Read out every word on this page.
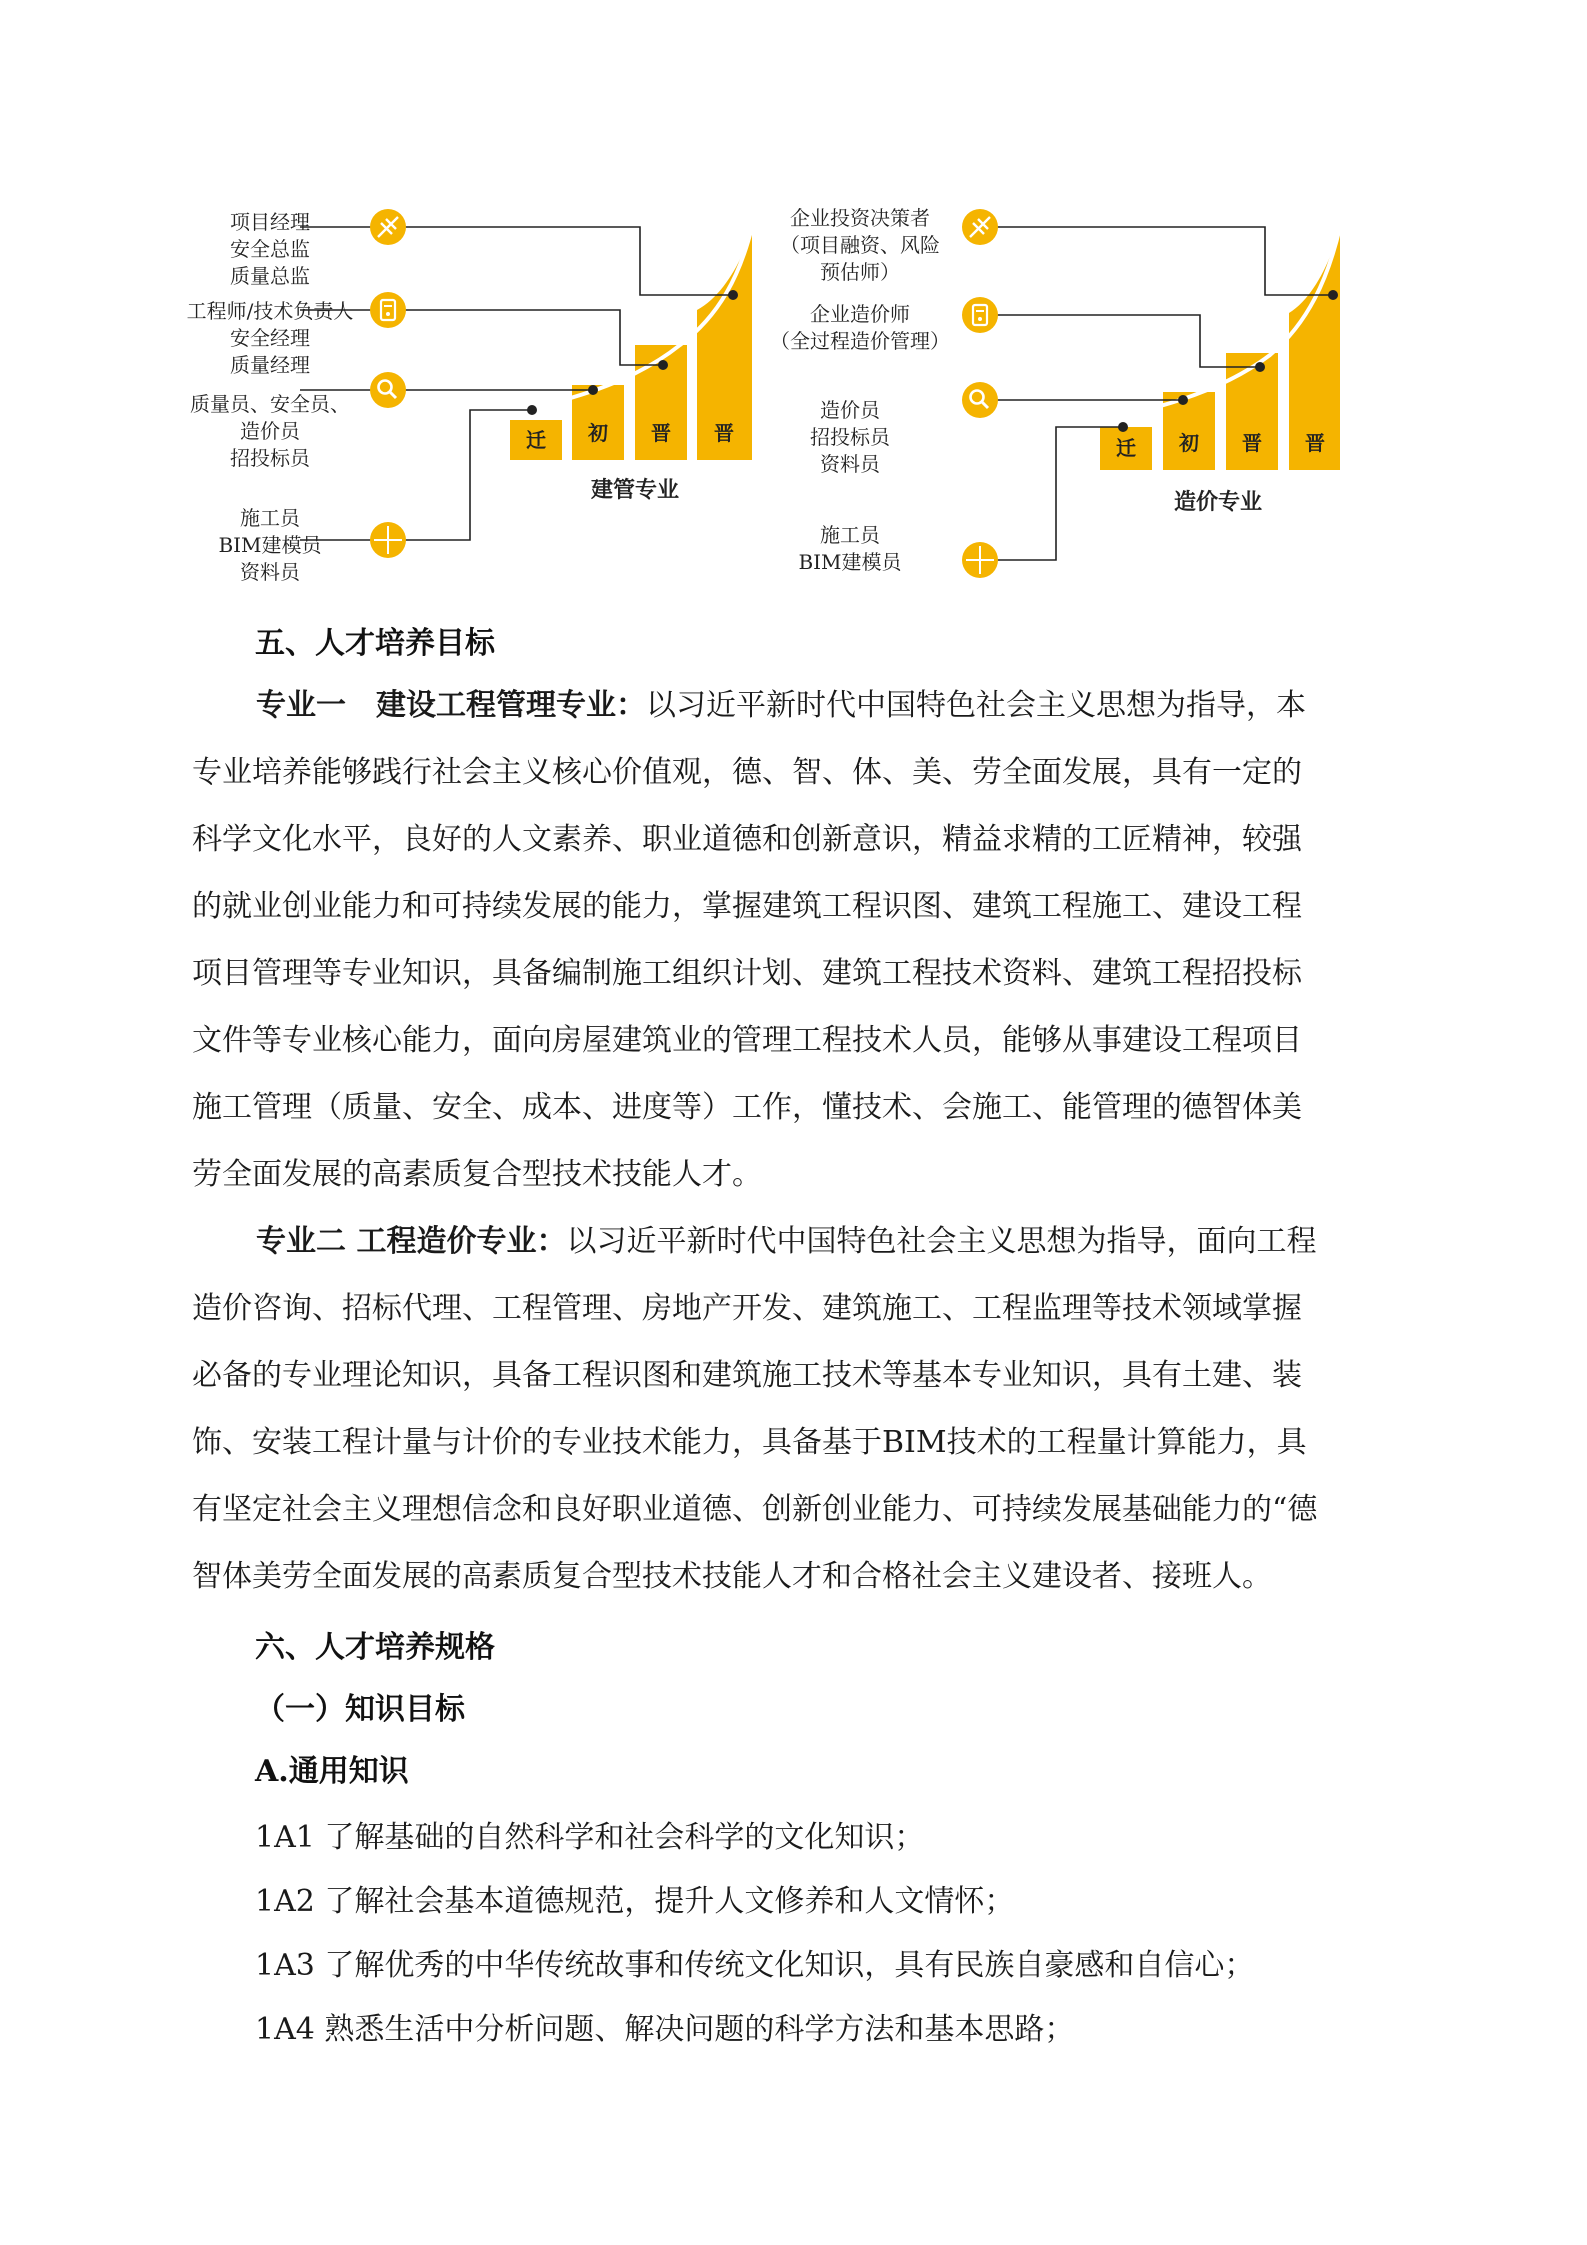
迁 初 晋 晋
建管专业
项目经理
安全总监
质量总监
工程师/技术负责人
安全经理
质量经理
质量员、安全员、
造价员
招投标员
施工员
BIM建模员
资料员
迁 初 晋 晋
造价专业
企业投资决策者
（项目融资、风险
预估师）
企业造价师
（全过程造价管理）
造价员
招投标员
资料员
施工员
BIM建模员
五、人才培养目标
专业一　建设工程管理专业：以习近平新时代中国特色社会主义思想为指导，本
专业培养能够践行社会主义核心价值观，德、智、体、美、劳全面发展，具有一定的
科学文化水平，良好的人文素养、职业道德和创新意识，精益求精的工匠精神，较强
的就业创业能力和可持续发展的能力，掌握建筑工程识图、建筑工程施工、建设工程
项目管理等专业知识，具备编制施工组织计划、建筑工程技术资料、建筑工程招投标
文件等专业核心能力，面向房屋建筑业的管理工程技术人员，能够从事建设工程项目
施工管理（质量、安全、成本、进度等）工作，懂技术、会施工、能管理的德智体美
劳全面发展的高素质复合型技术技能人才。
专业二 工程造价专业：以习近平新时代中国特色社会主义思想为指导，面向工程
造价咨询、招标代理、工程管理、房地产开发、建筑施工、工程监理等技术领域掌握
必备的专业理论知识，具备工程识图和建筑施工技术等基本专业知识，具有土建、装
饰、安装工程计量与计价的专业技术能力，具备基于BIM技术的工程量计算能力，具
有坚定社会主义理想信念和良好职业道德、创新创业能力、可持续发展基础能力的“德
智体美劳全面发展的高素质复合型技术技能人才和合格社会主义建设者、接班人。
六、人才培养规格
（一）知识目标
A.通用知识
1A1 了解基础的自然科学和社会科学的文化知识；
1A2 了解社会基本道德规范，提升人文修养和人文情怀；
1A3 了解优秀的中华传统故事和传统文化知识，具有民族自豪感和自信心；
1A4 熟悉生活中分析问题、解决问题的科学方法和基本思路；
